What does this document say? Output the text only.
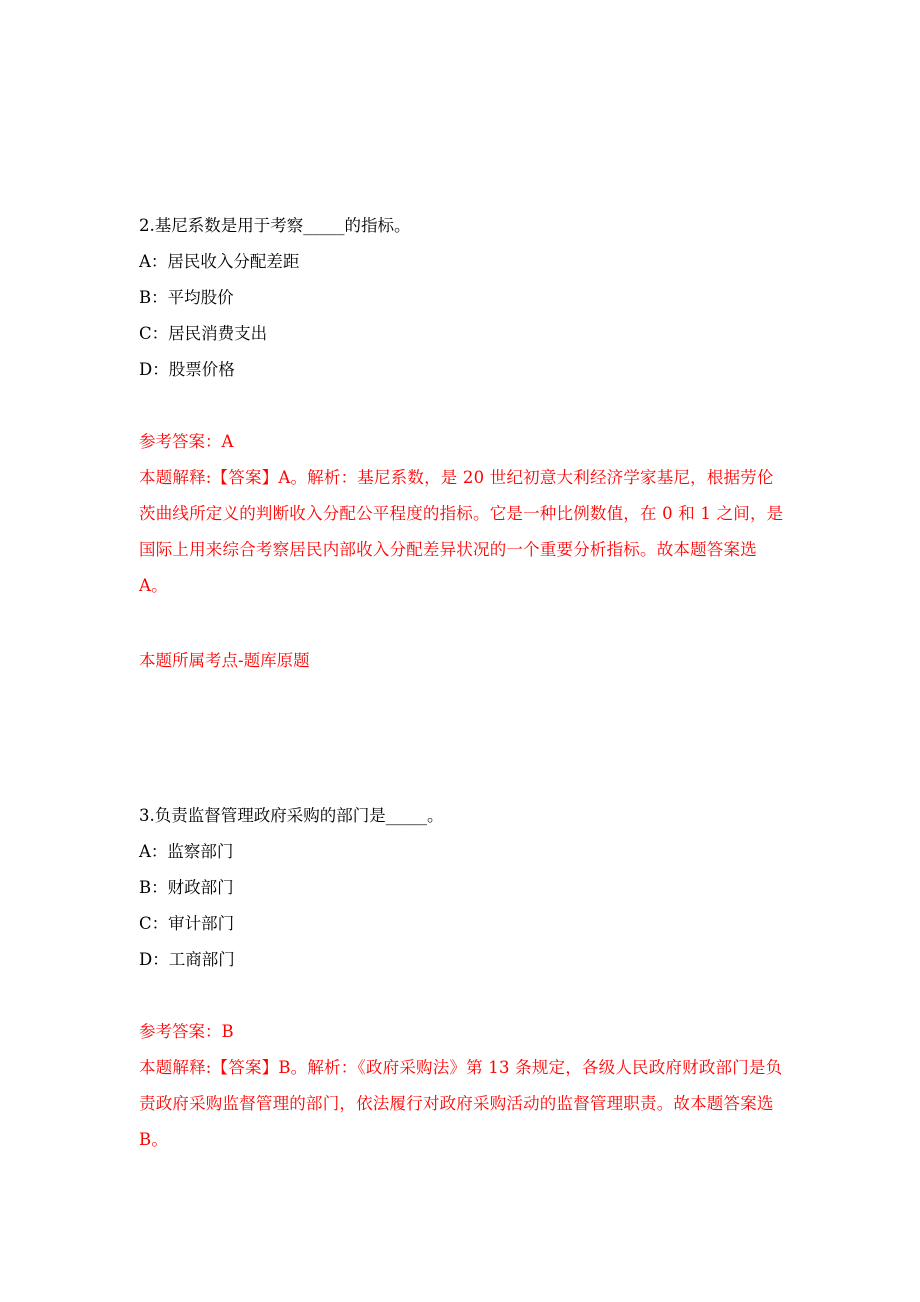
2.基尼系数是用于考察_____的指标。
A：居民收入分配差距
B：平均股价
C：居民消费支出
D：股票价格
参考答案：A
本题解释:【答案】A。解析：基尼系数，是 20 世纪初意大利经济学家基尼，根据劳伦茨曲线所定义的判断收入分配公平程度的指标。它是一种比例数值，在 0 和 1 之间，是国际上用来综合考察居民内部收入分配差异状况的一个重要分析指标。故本题答案选 A。
本题所属考点-题库原题
3.负责监督管理政府采购的部门是_____。
A：监察部门
B：财政部门
C：审计部门
D：工商部门
参考答案：B
本题解释:【答案】B。解析：《政府采购法》第 13 条规定，各级人民政府财政部门是负责政府采购监督管理的部门，依法履行对政府采购活动的监督管理职责。故本题答案选 B。
